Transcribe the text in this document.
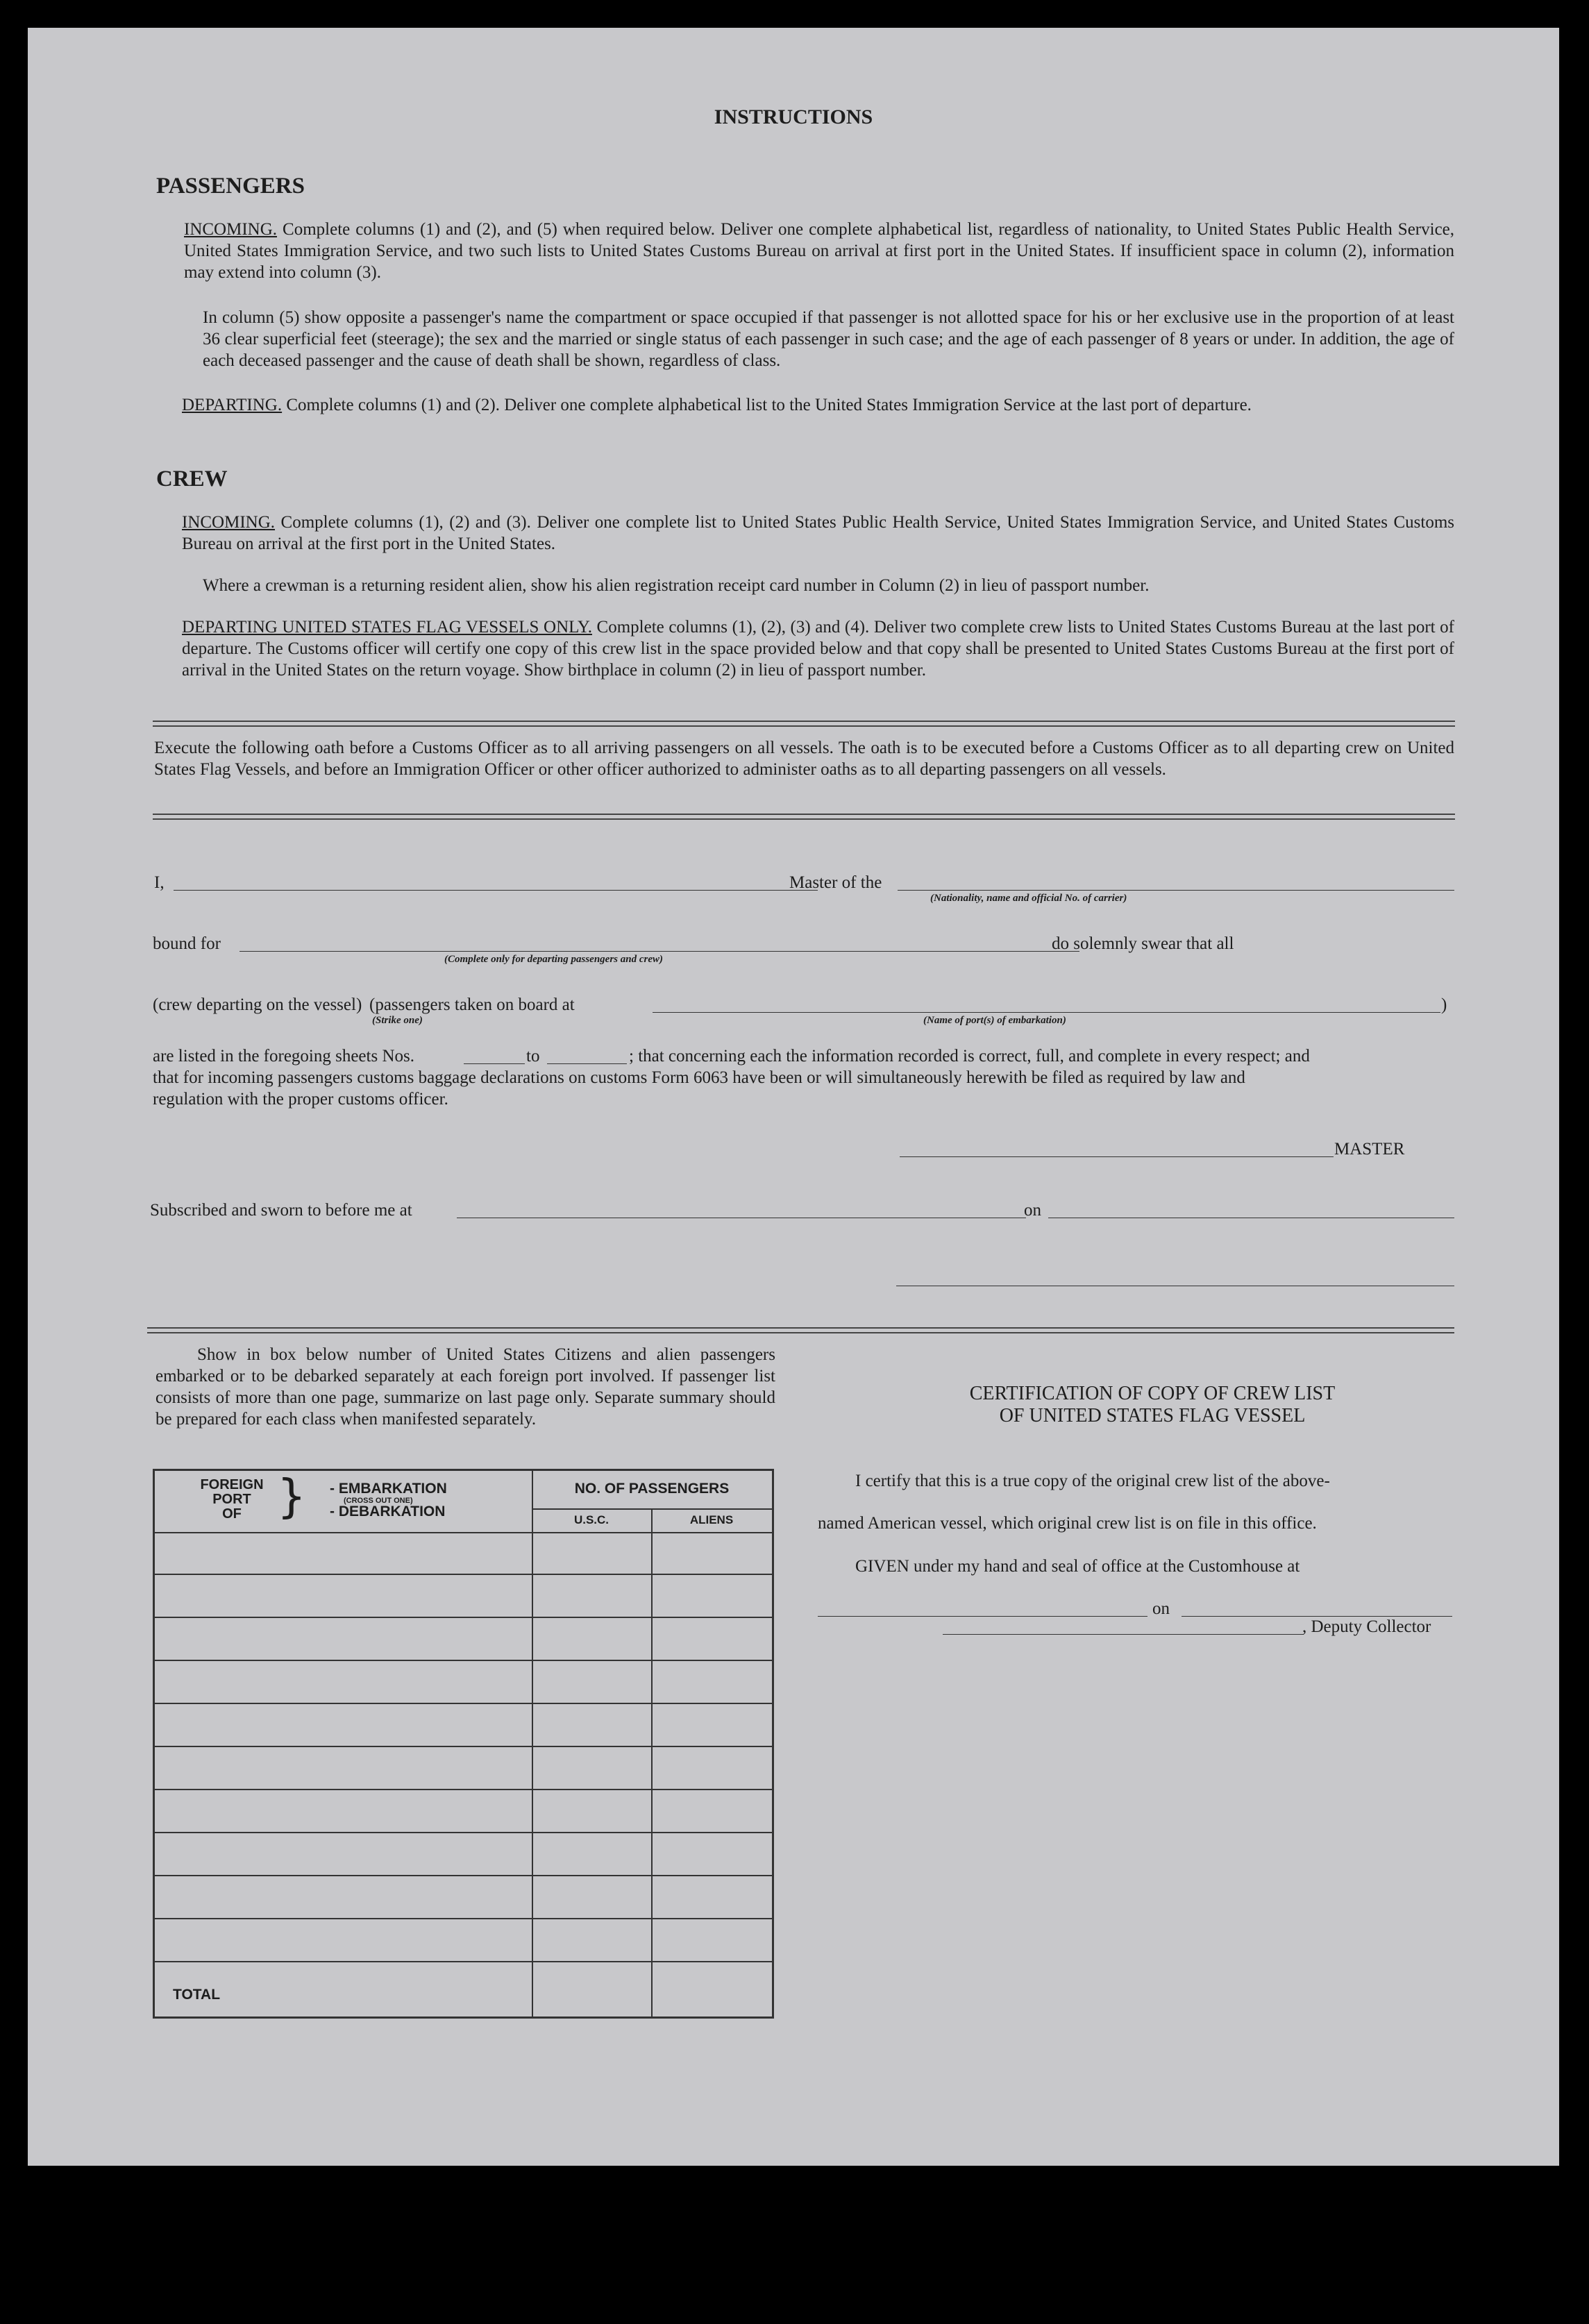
INSTRUCTIONS
PASSENGERS
INCOMING. Complete columns (1) and (2), and (5) when required below. Deliver one complete alphabetical list, regardless of nationality, to United States Public Health Service, United States Immigration Service, and two such lists to United States Customs Bureau on arrival at first port in the United States. If insufficient space in column (2), information may extend into column (3).
In column (5) show opposite a passenger's name the compartment or space occupied if that passenger is not allotted space for his or her exclusive use in the proportion of at least 36 clear superficial feet (steerage); the sex and the married or single status of each passenger in such case; and the age of each passenger of 8 years or under. In addition, the age of each deceased passenger and the cause of death shall be shown, regardless of class.
DEPARTING. Complete columns (1) and (2). Deliver one complete alphabetical list to the United States Immigration Service at the last port of departure.
CREW
INCOMING. Complete columns (1), (2) and (3). Deliver one complete list to United States Public Health Service, United States Immigration Service, and United States Customs Bureau on arrival at the first port in the United States.
Where a crewman is a returning resident alien, show his alien registration receipt card number in Column (2) in lieu of passport number.
DEPARTING UNITED STATES FLAG VESSELS ONLY. Complete columns (1), (2), (3) and (4). Deliver two complete crew lists to United States Customs Bureau at the last port of departure. The Customs officer will certify one copy of this crew list in the space provided below and that copy shall be presented to United States Customs Bureau at the first port of arrival in the United States on the return voyage. Show birthplace in column (2) in lieu of passport number.
Execute the following oath before a Customs Officer as to all arriving passengers on all vessels. The oath is to be executed before a Customs Officer as to all departing crew on United States Flag Vessels, and before an Immigration Officer or other officer authorized to administer oaths as to all departing passengers on all vessels.
I,	Master of the
(Nationality, name and official No. of carrier)
bound for
(Complete only for departing passengers and crew)
do solemnly swear that all
(crew departing on the vessel) (passengers taken on board at	)
(Strike one)	(Name of port(s) of embarkation)
are listed in the foregoing sheets Nos.	to	; that concerning each the information recorded is correct, full, and complete in every respect; and
that for incoming passengers customs baggage declarations on customs Form 6063 have been or will simultaneously herewith be filed as required by law and
regulation with the proper customs officer.
MASTER
Subscribed and sworn to before me at	on
Show in box below number of United States Citizens and alien passengers embarked or to be debarked separately at each foreign port involved. If passenger list consists of more than one page, summarize on last page only. Separate summary should be prepared for each class when manifested separately.
FOREIGN
PORT
OF } - EMBARKATION
(CROSS OUT ONE)
- DEBARKATION
NO. OF PASSENGERS
U.S.C.	ALIENS
TOTAL
CERTIFICATION OF COPY OF CREW LIST
OF UNITED STATES FLAG VESSEL
I certify that this is a true copy of the original crew list of the above-
named American vessel, which original crew list is on file in this office.
GIVEN under my hand and seal of office at the Customhouse at
on
, Deputy Collector
